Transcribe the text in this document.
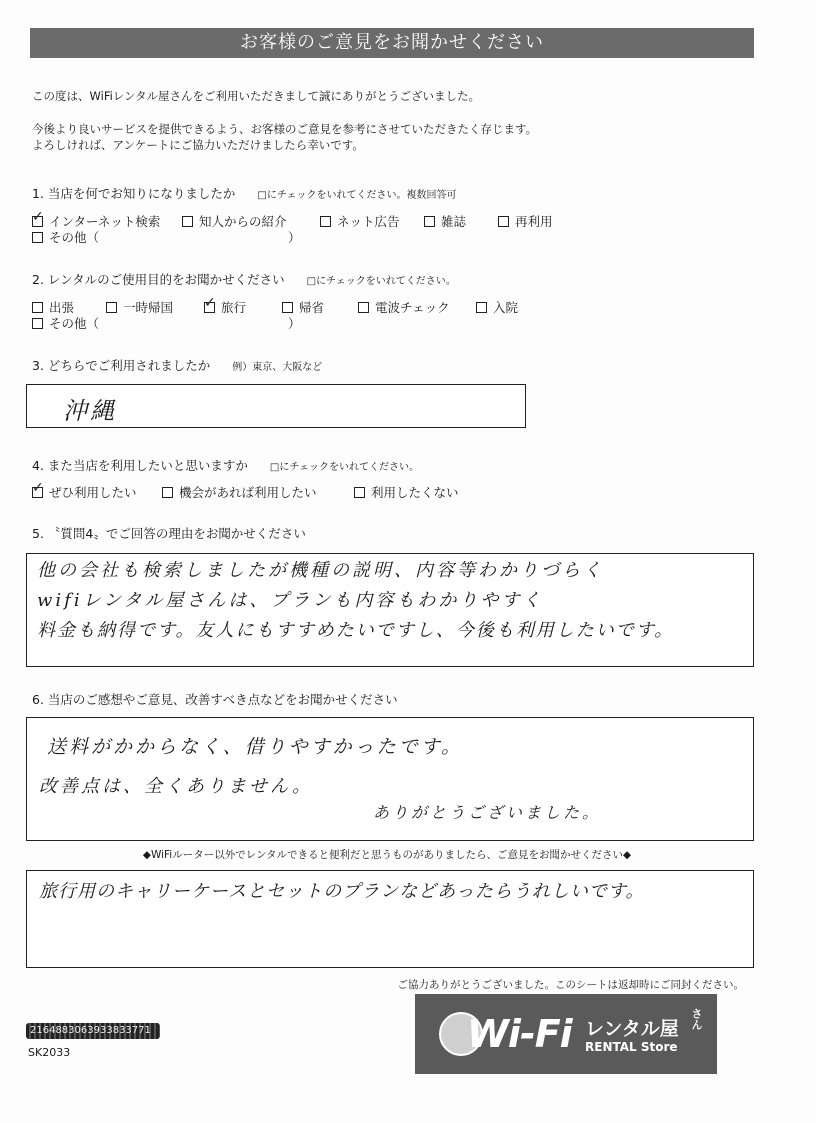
お客様のご意見をお聞かせください
この度は、WiFiレンタル屋さんをご利用いただきまして誠にありがとうございました。
今後より良いサービスを提供できるよう、お客様のご意見を参考にさせていただきたく存じます。
よろしければ、アンケートにご協力いただけましたら幸いです。
1. 当店を何でお知りになりましたか □にチェックをいれてください。複数回答可
✓
インターネット検索	知人からの紹介	ネット広告	雑誌	再利用
その他（	）
2. レンタルのご使用目的をお聞かせください □にチェックをいれてください。
出張	一時帰国
✓	旅行	帰省	電波チェック	入院
その他（	）
3. どちらでご利用されましたか 例）東京、大阪など
沖縄
4. また当店を利用したいと思いますか □にチェックをいれてください。
✓
ぜひ利用したい	機会があれば利用したい	利用したくない
5. 〝質問4〟でご回答の理由をお聞かせください
他の会社も検索しましたが機種の説明、内容等わかりづらく
wifiレンタル屋さんは、プランも内容もわかりやすく
料金も納得です。友人にもすすめたいですし、今後も利用したいです。
6. 当店のご感想やご意見、改善すべき点などをお聞かせください
送料がかからなく、借りやすかったです。
改善点は、全くありません。
ありがとうございました。
◆WiFiルーター以外でレンタルできると便利だと思うものがありましたら、ご意見をお聞かせください◆
旅行用のキャリーケースとセットのプランなどあったらうれしいです。
ご協力ありがとうございました。このシートは返却時にご同封ください。
2164883063933833771
SK2033	Wi-Fi レンタル屋 さん
RENTAL Store
